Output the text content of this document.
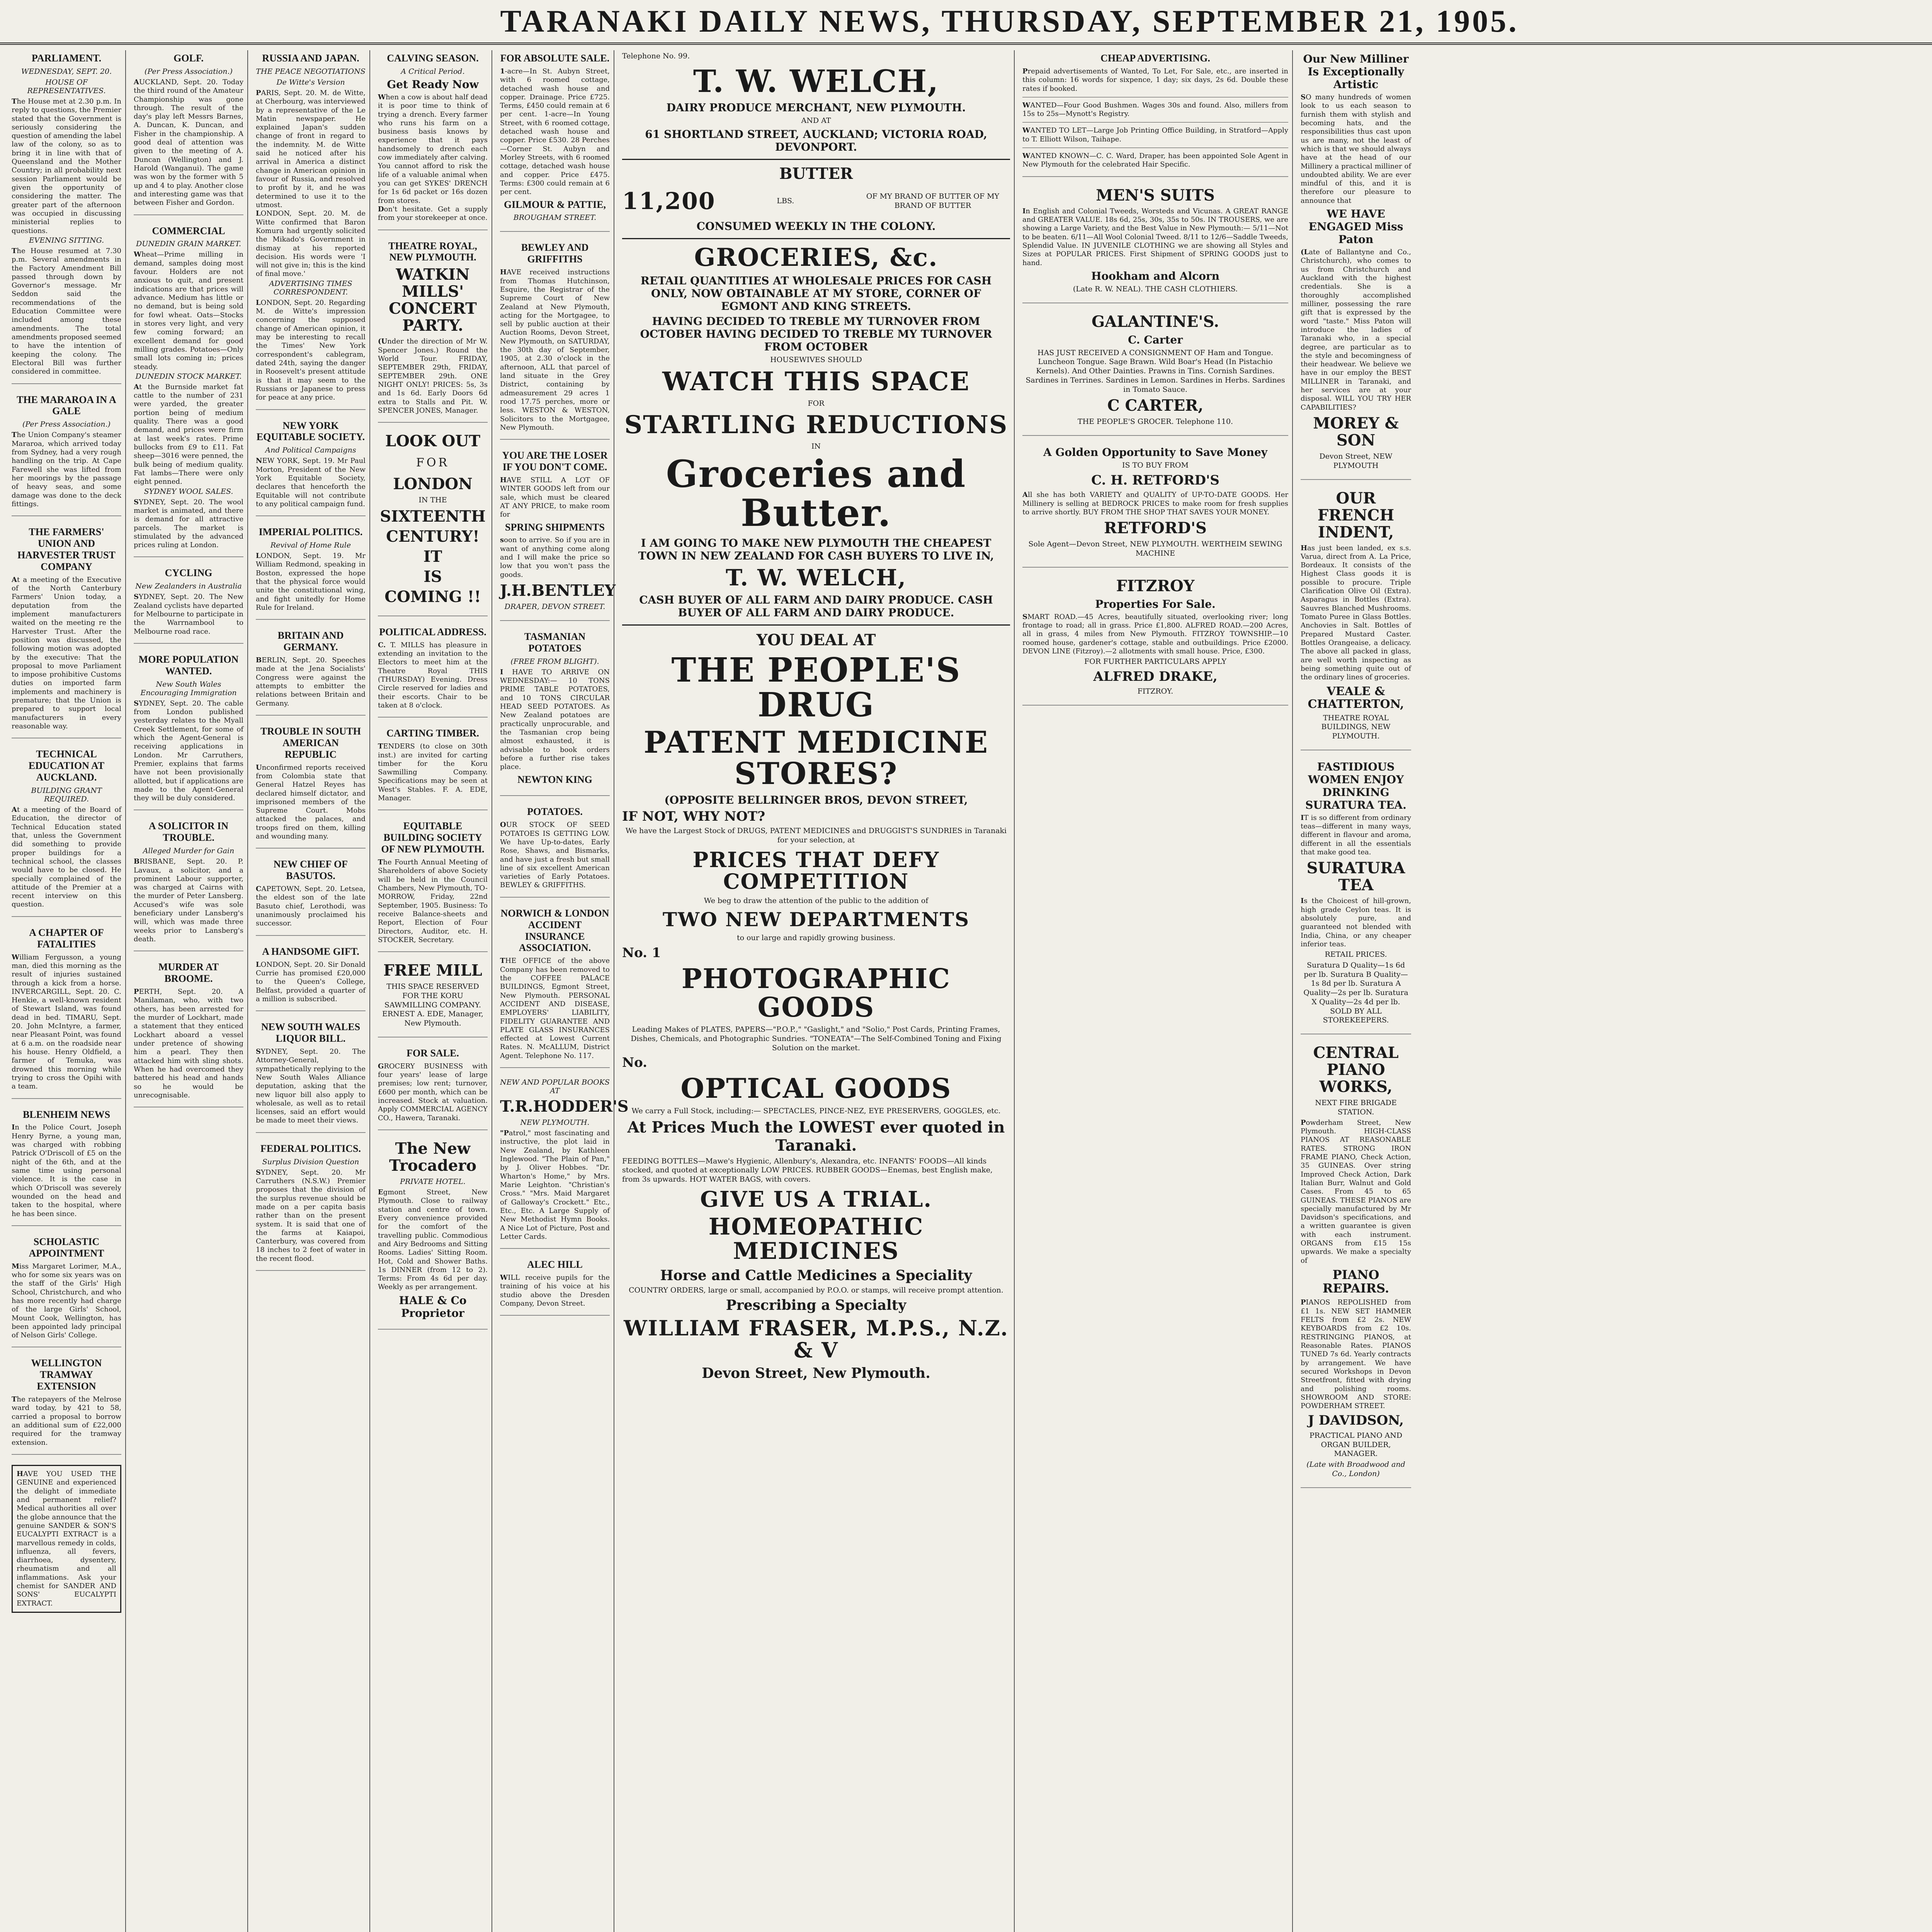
TARANAKI DAILY NEWS, THURSDAY, SEPTEMBER 21, 1905.
PARLIAMENT.
WEDNESDAY, SEPT. 20.
HOUSE OF REPRESENTATIVES.

The House met at 2.30 p.m. In reply to questions, the Premier stated that the Government is seriously considering the question of amending the label law of the colony, so as to bring it in line with that of Queensland and the Mother Country; in all probability next session Parliament would be given the opportunity of considering the matter. The greater part of the afternoon was occupied in discussing ministerial replies to questions.

EVENING SITTING.

The House resumed at 7.30 p.m. Several amendments in the Factory Amendment Bill passed through down by Governor's message. Mr Seddon said the recommendations of the Education Committee were included among these amendments. The total amendments proposed seemed to have the intention of keeping the colony. The Electoral Bill was further considered in committee.

THE MARAROA IN A GALE
(Per Press Association.)

The Union Company's steamer Mararoa, which arrived today from Sydney, had a very rough handling on the trip. At Cape Farewell she was lifted from her moorings by the passage of heavy seas, and some damage was done to the deck fittings.

THE FARMERS' UNION AND HARVESTER TRUST COMPANY

At a meeting of the Executive of the North Canterbury Farmers' Union today, a deputation from the implement manufacturers waited on the meeting re the Harvester Trust. After the position was discussed, the following motion was adopted by the executive: That the proposal to move Parliament to impose prohibitive Customs duties on imported farm implements and machinery is premature; that the Union is prepared to support local manufacturers in every reasonable way.

TECHNICAL EDUCATION AT AUCKLAND.
BUILDING GRANT REQUIRED.

At a meeting of the Board of Education, the director of Technical Education stated that, unless the Government did something to provide proper buildings for a technical school, the classes would have to be closed. He specially complained of the attitude of the Premier at a recent interview on this question.

A CHAPTER OF FATALITIES

William Fergusson, a young man, died this morning as the result of injuries sustained through a kick from a horse. INVERCARGILL, Sept. 20. C. Henkie, a well-known resident of Stewart Island, was found dead in bed. TIMARU, Sept. 20. John McIntyre, a farmer, near Pleasant Point, was found at 6 a.m. on the roadside near his house. Henry Oldfield, a farmer of Temuka, was drowned this morning while trying to cross the Opihi with a team.

BLENHEIM NEWS

In the Police Court, Joseph Henry Byrne, a young man, was charged with robbing Patrick O'Driscoll of £5 on the night of the 6th, and at the same time using personal violence. It is the case in which O'Driscoll was severely wounded on the head and taken to the hospital, where he has been since.

SCHOLASTIC APPOINTMENT

Miss Margaret Lorimer, M.A., who for some six years was on the staff of the Girls' High School, Christchurch, and who has more recently had charge of the large Girls' School, Mount Cook, Wellington, has been appointed lady principal of Nelson Girls' College.

WELLINGTON TRAMWAY EXTENSION

The ratepayers of the Melrose ward today, by 421 to 58, carried a proposal to borrow an additional sum of £22,000 required for the tramway extension.

HAVE YOU USED THE GENUINE and experienced the delight of immediate and permanent relief? Medical authorities all over the globe announce that the genuine SANDER & SON'S EUCALYPTI EXTRACT is a marvellous remedy in colds, influenza, all fevers, diarrhoea, dysentery, rheumatism and all inflammations. Ask your chemist for SANDER AND SONS' EUCALYPTI EXTRACT.

GOLF.
(Per Press Association.)

AUCKLAND, Sept. 20. Today the third round of the Amateur Championship was gone through. The result of the day's play left Messrs Barnes, A. Duncan, K. Duncan, and Fisher in the championship. A good deal of attention was given to the meeting of A. Duncan (Wellington) and J. Harold (Wanganui). The game was won by the former with 5 up and 4 to play. Another close and interesting game was that between Fisher and Gordon.

COMMERCIAL
DUNEDIN GRAIN MARKET.

Wheat—Prime milling in demand, samples doing most favour. Holders are not anxious to quit, and present indications are that prices will advance. Medium has little or no demand, but is being sold for fowl wheat. Oats—Stocks in stores very light, and very few coming forward; an excellent demand for good milling grades. Potatoes—Only small lots coming in; prices steady.

DUNEDIN STOCK MARKET.

At the Burnside market fat cattle to the number of 231 were yarded, the greater portion being of medium quality. There was a good demand, and prices were firm at last week's rates. Prime bullocks from £9 to £11. Fat sheep—3016 were penned, the bulk being of medium quality. Fat lambs—There were only eight penned.

SYDNEY WOOL SALES.

SYDNEY, Sept. 20. The wool market is animated, and there is demand for all attractive parcels. The market is stimulated by the advanced prices ruling at London.

CYCLING
New Zealanders in Australia

SYDNEY, Sept. 20. The New Zealand cyclists have departed for Melbourne to participate in the Warrnambool to Melbourne road race.

MORE POPULATION WANTED.
New South Wales Encouraging Immigration

SYDNEY, Sept. 20. The cable from London published yesterday relates to the Myall Creek Settlement, for some of which the Agent-General is receiving applications in London. Mr Carruthers, Premier, explains that farms have not been provisionally allotted, but if applications are made to the Agent-General they will be duly considered.

A SOLICITOR IN TROUBLE.
Alleged Murder for Gain

BRISBANE, Sept. 20. P. Lavaux, a solicitor, and a prominent Labour supporter, was charged at Cairns with the murder of Peter Lansberg. Accused's wife was sole beneficiary under Lansberg's will, which was made three weeks prior to Lansberg's death.

MURDER AT BROOME.

PERTH, Sept. 20. A Manilaman, who, with two others, has been arrested for the murder of Lockhart, made a statement that they enticed Lockhart aboard a vessel under pretence of showing him a pearl. They then attacked him with sling shots. When he had overcomed they battered his head and hands so he would be unrecognisable.

RUSSIA AND JAPAN.
THE PEACE NEGOTIATIONS
De Witte's Version

PARIS, Sept. 20. M. de Witte, at Cherbourg, was interviewed by a representative of the Le Matin newspaper. He explained Japan's sudden change of front in regard to the indemnity. M. de Witte said he noticed after his arrival in America a distinct change in American opinion in favour of Russia, and resolved to profit by it, and he was determined to use it to the utmost.

LONDON, Sept. 20. M. de Witte confirmed that Baron Komura had urgently solicited the Mikado's Government in dismay at his reported decision. His words were 'I will not give in; this is the kind of final move.'

ADVERTISING TIMES CORRESPONDENT.

LONDON, Sept. 20. Regarding M. de Witte's impression concerning the supposed change of American opinion, it may be interesting to recall the Times' New York correspondent's cablegram, dated 24th, saying the danger in Roosevelt's present attitude is that it may seem to the Russians or Japanese to press for peace at any price.

NEW YORK EQUITABLE SOCIETY.
And Political Campaigns

NEW YORK, Sept. 19. Mr Paul Morton, President of the New York Equitable Society, declares that henceforth the Equitable will not contribute to any political campaign fund.

IMPERIAL POLITICS.
Revival of Home Rule

LONDON, Sept. 19. Mr William Redmond, speaking in Boston, expressed the hope that the physical force would unite the constitutional wing, and fight unitedly for Home Rule for Ireland.

BRITAIN AND GERMANY.

BERLIN, Sept. 20. Speeches made at the Jena Socialists' Congress were against the attempts to embitter the relations between Britain and Germany.

TROUBLE IN SOUTH AMERICAN REPUBLIC

Unconfirmed reports received from Colombia state that General Hatzel Reyes has declared himself dictator, and imprisoned members of the Supreme Court. Mobs attacked the palaces, and troops fired on them, killing and wounding many.

NEW CHIEF OF BASUTOS.

CAPETOWN, Sept. 20. Letsea, the eldest son of the late Basuto chief, Lerothodi, was unanimously proclaimed his successor.

A HANDSOME GIFT.

LONDON, Sept. 20. Sir Donald Currie has promised £20,000 to the Queen's College, Belfast, provided a quarter of a million is subscribed.

NEW SOUTH WALES LIQUOR BILL.

SYDNEY, Sept. 20. The Attorney-General, sympathetically replying to the New South Wales Alliance deputation, asking that the new liquor bill also apply to wholesale, as well as to retail licenses, said an effort would be made to meet their views.

FEDERAL POLITICS.
Surplus Division Question

SYDNEY, Sept. 20. Mr Carruthers (N.S.W.) Premier proposes that the division of the surplus revenue should be made on a per capita basis rather than on the present system. It is said that one of the farms at Kaiapoi, Canterbury, was covered from 18 inches to 2 feet of water in the recent flood.

CALVING SEASON.
A Critical Period.
Get Ready Now

When a cow is about half dead it is poor time to think of trying a drench. Every farmer who runs his farm on a business basis knows by experience that it pays handsomely to drench each cow immediately after calving. You cannot afford to risk the life of a valuable animal when you can get SYKES' DRENCH for 1s 6d packet or 16s dozen from stores.

Don't hesitate. Get a supply from your storekeeper at once.

THEATRE ROYAL, NEW PLYMOUTH.
WATKIN MILLS' CONCERT PARTY.

(Under the direction of Mr W. Spencer Jones.) Round the World Tour. FRIDAY, SEPTEMBER 29th, FRIDAY, SEPTEMBER 29th. ONE NIGHT ONLY! PRICES: 5s, 3s and 1s 6d. Early Doors 6d extra to Stalls and Pit. W. SPENCER JONES, Manager.

LOOK OUT
FOR
LONDON
IN THE
SIXTEENTH
CENTURY!
IT
IS
COMING !!
POLITICAL ADDRESS.

C. T. MILLS has pleasure in extending an invitation to the Electors to meet him at the Theatre Royal THIS (THURSDAY) Evening. Dress Circle reserved for ladies and their escorts. Chair to be taken at 8 o'clock.

CARTING TIMBER.

TENDERS (to close on 30th inst.) are invited for carting timber for the Koru Sawmilling Company. Specifications may be seen at West's Stables. F. A. EDE, Manager.

EQUITABLE BUILDING SOCIETY OF NEW PLYMOUTH.

The Fourth Annual Meeting of Shareholders of above Society will be held in the Council Chambers, New Plymouth, TO-MORROW, Friday, 22nd September, 1905. Business: To receive Balance-sheets and Report, Election of Four Directors, Auditor, etc. H. STOCKER, Secretary.

FREE MILL

THIS SPACE RESERVED FOR THE KORU SAWMILLING COMPANY. ERNEST A. EDE, Manager, New Plymouth.

FOR SALE.

GROCERY BUSINESS with four years' lease of large premises; low rent; turnover, £600 per month, which can be increased. Stock at valuation. Apply COMMERCIAL AGENCY CO., Hawera, Taranaki.

The New Trocadero
PRIVATE HOTEL.

Egmont Street, New Plymouth. Close to railway station and centre of town. Every convenience provided for the comfort of the travelling public. Commodious and Airy Bedrooms and Sitting Rooms. Ladies' Sitting Room. Hot, Cold and Shower Baths. 1s DINNER (from 12 to 2). Terms: From 4s 6d per day. Weekly as per arrangement.

HALE & Co Proprietor
FOR ABSOLUTE SALE.

1-acre—In St. Aubyn Street, with 6 roomed cottage, detached wash house and copper. Drainage. Price £725. Terms, £450 could remain at 6 per cent. 1-acre—In Young Street, with 6 roomed cottage, detached wash house and copper. Price £530. 28 Perches—Corner St. Aubyn and Morley Streets, with 6 roomed cottage, detached wash house and copper. Price £475. Terms: £300 could remain at 6 per cent.

GILMOUR & PATTIE,
BROUGHAM STREET.
BEWLEY AND GRIFFITHS

HAVE received instructions from Thomas Hutchinson, Esquire, the Registrar of the Supreme Court of New Zealand at New Plymouth, acting for the Mortgagee, to sell by public auction at their Auction Rooms, Devon Street, New Plymouth, on SATURDAY, the 30th day of September, 1905, at 2.30 o'clock in the afternoon, ALL that parcel of land situate in the Grey District, containing by admeasurement 29 acres 1 rood 17.75 perches, more or less. WESTON & WESTON, Solicitors to the Mortgagee, New Plymouth.

YOU ARE THE LOSER IF YOU DON'T COME.

HAVE STILL A LOT OF WINTER GOODS left from our sale, which must be cleared AT ANY PRICE, to make room for

SPRING SHIPMENTS

soon to arrive. So if you are in want of anything come along and I will make the price so low that you won't pass the goods.

J.H.BENTLEY
DRAPER, DEVON STREET.
TASMANIAN POTATOES
(FREE FROM BLIGHT).

I HAVE TO ARRIVE ON WEDNESDAY:— 10 TONS PRIME TABLE POTATOES, and 10 TONS CIRCULAR HEAD SEED POTATOES. As New Zealand potatoes are practically unprocurable, and the Tasmanian crop being almost exhausted, it is advisable to book orders before a further rise takes place.

NEWTON KING
POTATOES.

OUR STOCK OF SEED POTATOES IS GETTING LOW. We have Up-to-dates, Early Rose, Shaws, and Bismarks, and have just a fresh but small line of six excellent American varieties of Early Potatoes. BEWLEY & GRIFFITHS.

NORWICH & LONDON ACCIDENT INSURANCE ASSOCIATION.

THE OFFICE of the above Company has been removed to the COFFEE PALACE BUILDINGS, Egmont Street, New Plymouth. PERSONAL ACCIDENT AND DISEASE, EMPLOYERS' LIABILITY, FIDELITY GUARANTEE AND PLATE GLASS INSURANCES effected at Lowest Current Rates. N. McALLUM, District Agent. Telephone No. 117.

NEW AND POPULAR BOOKS AT
T.R.HODDER'S
NEW PLYMOUTH.

"Patrol," most fascinating and instructive, the plot laid in New Zealand, by Kathleen Inglewood. "The Plain of Pan," by J. Oliver Hobbes. "Dr. Wharton's Home," by Mrs. Marie Leighton. "Christian's Cross." "Mrs. Maid Margaret of Galloway's Crockett." Etc., Etc., Etc. A Large Supply of New Methodist Hymn Books. A Nice Lot of Picture, Post and Letter Cards.

ALEC HILL

WILL receive pupils for the training of his voice at his studio above the Dresden Company, Devon Street.

Telephone No. 99.
T. W. WELCH,
DAIRY PRODUCE MERCHANT, NEW PLYMOUTH.
AND AT
61 SHORTLAND STREET, AUCKLAND; VICTORIA ROAD, DEVONPORT.
BUTTER
11,200	LBS.
OF MY BRAND OF BUTTER OF MY BRAND OF BUTTER
CONSUMED WEEKLY IN THE COLONY.
GROCERIES, &c.
RETAIL QUANTITIES AT WHOLESALE PRICES FOR CASH ONLY, NOW OBTAINABLE AT MY STORE, CORNER OF EGMONT AND KING STREETS.
HAVING DECIDED TO TREBLE MY TURNOVER FROM OCTOBER HAVING DECIDED TO TREBLE MY TURNOVER FROM OCTOBER
HOUSEWIVES SHOULD
WATCH THIS SPACE
FOR
STARTLING REDUCTIONS
IN
Groceries and Butter.
I AM GOING TO MAKE NEW PLYMOUTH THE CHEAPEST TOWN IN NEW ZEALAND FOR CASH BUYERS TO LIVE IN,
T. W. WELCH,
CASH BUYER OF ALL FARM AND DAIRY PRODUCE. CASH BUYER OF ALL FARM AND DAIRY PRODUCE.
YOU DEAL AT
THE PEOPLE'S DRUG
PATENT MEDICINE STORES?
(OPPOSITE BELLRINGER BROS, DEVON STREET,
IF NOT, WHY NOT?
We have the Largest Stock of DRUGS, PATENT MEDICINES and DRUGGIST'S SUNDRIES in Taranaki for your selection, at
PRICES THAT DEFY COMPETITION
We beg to draw the attention of the public to the addition of
TWO NEW DEPARTMENTS
to our large and rapidly growing business.
No. 1
PHOTOGRAPHIC GOODS
Leading Makes of PLATES, PAPERS—"P.O.P.," "Gaslight," and "Solio," Post Cards, Printing Frames, Dishes, Chemicals, and Photographic Sundries. "TONEATA"—The Self-Combined Toning and Fixing Solution on the market.
No.
OPTICAL GOODS
We carry a Full Stock, including:— SPECTACLES, PINCE-NEZ, EYE PRESERVERS, GOGGLES, etc.
At Prices Much the LOWEST ever quoted in Taranaki.
FEEDING BOTTLES—Mawe's Hygienic, Allenbury's, Alexandra, etc. INFANTS' FOODS—All kinds stocked, and quoted at exceptionally LOW PRICES. RUBBER GOODS—Enemas, best English make, from 3s upwards. HOT WATER BAGS, with covers.
GIVE US A TRIAL.
HOMEOPATHIC MEDICINES
Horse and Cattle Medicines a Speciality
COUNTRY ORDERS, large or small, accompanied by P.O.O. or stamps, will receive prompt attention.
Prescribing a Specialty
WILLIAM FRASER, M.P.S., N.Z. & V
Devon Street, New Plymouth.
CHEAP ADVERTISING.

Prepaid advertisements of Wanted, To Let, For Sale, etc., are inserted in this column: 16 words for sixpence, 1 day; six days, 2s 6d. Double these rates if booked.

WANTED—Four Good Bushmen. Wages 30s and found. Also, millers from 15s to 25s—Mynott's Registry.

WANTED TO LET—Large Job Printing Office Building, in Stratford—Apply to T. Elliott Wilson, Taihape.

WANTED KNOWN—C. C. Ward, Draper, has been appointed Sole Agent in New Plymouth for the celebrated Hair Specific.

MEN'S SUITS

In English and Colonial Tweeds, Worsteds and Vicunas. A GREAT RANGE and GREATER VALUE. 18s 6d, 25s, 30s, 35s to 50s. IN TROUSERS, we are showing a Large Variety, and the Best Value in New Plymouth:— 5/11—Not to be beaten. 6/11—All Wool Colonial Tweed. 8/11 to 12/6—Saddle Tweeds, Splendid Value. IN JUVENILE CLOTHING we are showing all Styles and Sizes at POPULAR PRICES. First Shipment of SPRING GOODS just to hand.

Hookham and Alcorn
(Late R. W. NEAL). THE CASH CLOTHIERS.
GALANTINE'S.
C. Carter

HAS JUST RECEIVED A CONSIGNMENT OF Ham and Tongue. Luncheon Tongue. Sage Brawn. Wild Boar's Head (In Pistachio Kernels). And Other Dainties. Prawns in Tins. Cornish Sardines. Sardines in Terrines. Sardines in Lemon. Sardines in Herbs. Sardines in Tomato Sauce.

C CARTER,
THE PEOPLE'S GROCER. Telephone 110.
A Golden Opportunity to Save Money
IS TO BUY FROM
C. H. RETFORD'S

All she has both VARIETY and QUALITY of UP-TO-DATE GOODS. Her Millinery is selling at BEDROCK PRICES to make room for fresh supplies to arrive shortly. BUY FROM THE SHOP THAT SAVES YOUR MONEY.

RETFORD'S
Sole Agent—Devon Street, NEW PLYMOUTH. WERTHEIM SEWING MACHINE
FITZROY
Properties For Sale.

SMART ROAD.—45 Acres, beautifully situated, overlooking river; long frontage to road; all in grass. Price £1,800. ALFRED ROAD.—200 Acres, all in grass, 4 miles from New Plymouth. FITZROY TOWNSHIP.—10 roomed house, gardener's cottage, stable and outbuildings. Price £2000. DEVON LINE (Fitzroy).—2 allotments with small house. Price, £300.

FOR FURTHER PARTICULARS APPLY
ALFRED DRAKE,
FITZROY.
Our New Milliner Is Exceptionally Artistic

SO many hundreds of women look to us each season to furnish them with stylish and becoming hats, and the responsibilities thus cast upon us are many, not the least of which is that we should always have at the head of our Millinery a practical milliner of undoubted ability. We are ever mindful of this, and it is therefore our pleasure to announce that

WE HAVE ENGAGED Miss Paton

(Late of Ballantyne and Co., Christchurch), who comes to us from Christchurch and Auckland with the highest credentials. She is a thoroughly accomplished milliner, possessing the rare gift that is expressed by the word "taste." Miss Paton will introduce the ladies of Taranaki who, in a special degree, are particular as to the style and becomingness of their headwear. We believe we have in our employ the BEST MILLINER in Taranaki, and her services are at your disposal. WILL YOU TRY HER CAPABILITIES?

MOREY & SON
Devon Street, NEW PLYMOUTH
OUR FRENCH INDENT,

Has just been landed, ex s.s. Varua, direct from A. La Price, Bordeaux. It consists of the Highest Class goods it is possible to procure. Triple Clarification Olive Oil (Extra). Asparagus in Bottles (Extra). Sauvres Blanched Mushrooms. Tomato Puree in Glass Bottles. Anchovies in Salt. Bottles of Prepared Mustard Caster. Bottles Orangeaise, a delicacy. The above all packed in glass, are well worth inspecting as being something quite out of the ordinary lines of groceries.

VEALE & CHATTERTON,
THEATRE ROYAL BUILDINGS, NEW PLYMOUTH.
FASTIDIOUS WOMEN ENJOY DRINKING SURATURA TEA.

IT is so different from ordinary teas—different in many ways, different in flavour and aroma, different in all the essentials that make good tea.

SURATURA TEA

Is the Choicest of hill-grown, high grade Ceylon teas. It is absolutely pure, and guaranteed not blended with India, China, or any cheaper inferior teas.

RETAIL PRICES.

Suratura D Quality—1s 6d per lb. Suratura B Quality—1s 8d per lb. Suratura A Quality—2s per lb. Suratura X Quality—2s 4d per lb. SOLD BY ALL STOREKEEPERS.

CENTRAL PIANO WORKS,
NEXT FIRE BRIGADE STATION.

Powderham Street, New Plymouth. HIGH-CLASS PIANOS AT REASONABLE RATES. STRONG IRON FRAME PIANO, Check Action, 35 GUINEAS. Over string Improved Check Action, Dark Italian Burr, Walnut and Gold Cases. From 45 to 65 GUINEAS. THESE PIANOS are specially manufactured by Mr Davidson's specifications, and a written guarantee is given with each instrument. ORGANS from £15 15s upwards. We make a specialty of

PIANO REPAIRS.

PIANOS REPOLISHED from £1 1s. NEW SET HAMMER FELTS from £2 2s. NEW KEYBOARDS from £2 10s. RESTRINGING PIANOS, at Reasonable Rates. PIANOS TUNED 7s 6d. Yearly contracts by arrangement. We have secured Workshops in Devon Streetfront, fitted with drying and polishing rooms. SHOWROOM AND STORE: POWDERHAM STREET.

J DAVIDSON,
PRACTICAL PIANO AND ORGAN BUILDER, MANAGER.
(Late with Broadwood and Co., London)
